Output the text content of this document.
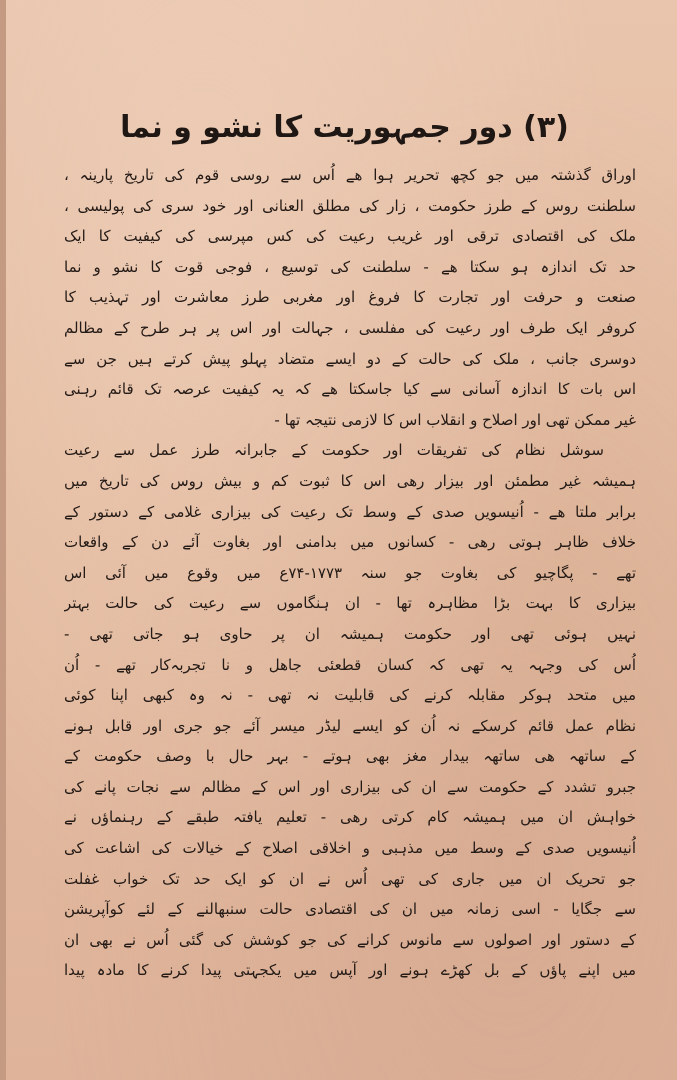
(۳) دور جمہوریت کا نشو و نما
اوراق گذشتہ میں جو کچھ تحریر ہوا ھے اُس سے روسی قوم کی تاریخ پارینہ ،
سلطنت روس کے طرز حکومت ، زار کی مطلق العنانی اور خود سری کی پولیسی ،
ملک کی اقتصادی ترقی اور غریب رعیت کی کس مپرسی کی کیفیت کا ایک
حد تک اندازہ ہو سکتا ھے - سلطنت کی توسیع ، فوجی قوت کا نشو و نما
صنعت و حرفت اور تجارت کا فروغ اور مغربی طرز معاشرت اور تہذیب کا
کروفر ایک طرف اور رعیت کی مفلسی ، جہالت اور اس پر ہر طرح کے مظالم
دوسری جانب ، ملک کی حالت کے دو ایسے متضاد پہلو پیش کرتے ہیں جن سے
اس بات کا اندازہ آسانی سے کیا جاسکتا ھے کہ یہ کیفیت عرصہ تک قائم رہنی
غیر ممکن تھی اور اصلاح و انقلاب اس کا لازمی نتیجہ تھا -
سوشل نظام کی تفریقات اور حکومت کے جابرانہ طرز عمل سے رعیت
ہمیشہ غیر مطمئن اور بیزار رھی اس کا ثبوت کم و بیش روس کی تاریخ میں
برابر ملتا ھے - اُنیسویں صدی کے وسط تک رعیت کی بیزاری غلامی کے دستور کے
خلاف ظاہر ہوتی رھی - کسانوں میں بدامنی اور بغاوت آئے دن کے واقعات
تھے - پگاچیو کی بغاوت جو سنہ ۱۷۷۳-۷۴ع میں وقوع میں آئی اس
بیزاری کا بہت بڑا مظاہرہ تھا - ان ہنگاموں سے رعیت کی حالت بہتر
نہیں ہوئی تھی اور حکومت ہمیشہ ان پر حاوی ہو جاتی تھی -
اُس کی وجہہ یہ تھی کہ کسان قطعئی جاھل و نا تجربہ‌کار تھے - اُن
میں متحد ہوکر مقابلہ کرنے کی قابلیت نہ تھی - نہ وہ کبھی اپنا کوئی
نظام عمل قائم کرسکے نہ اُن کو ایسے لیڈر میسر آئے جو جری اور قابل ہونے
کے ساتھہ ھی ساتھہ بیدار مغز بھی ہوتے - بہر حال با وصف حکومت کے
جبرو تشدد کے حکومت سے ان کی بیزاری اور اس کے مظالم سے نجات پانے کی
خواہش ان میں ہمیشہ کام کرتی رھی - تعلیم یافتہ طبقے کے رہنماؤں نے
اُنیسویں صدی کے وسط میں مذہبی و اخلاقی اصلاح کے خیالات کی اشاعت کی
جو تحریک ان میں جاری کی تھی اُس نے ان کو ایک حد تک خواب غفلت
سے جگایا - اسی زمانہ میں ان کی اقتصادی حالت سنبھالنے کے لئے کوآپریشن
کے دستور اور اصولوں سے مانوس کرانے کی جو کوشش کی گئی اُس نے بھی ان
میں اپنے پاؤں کے بل کھڑے ہونے اور آپس میں یکجہتی پیدا کرنے کا مادہ پیدا
